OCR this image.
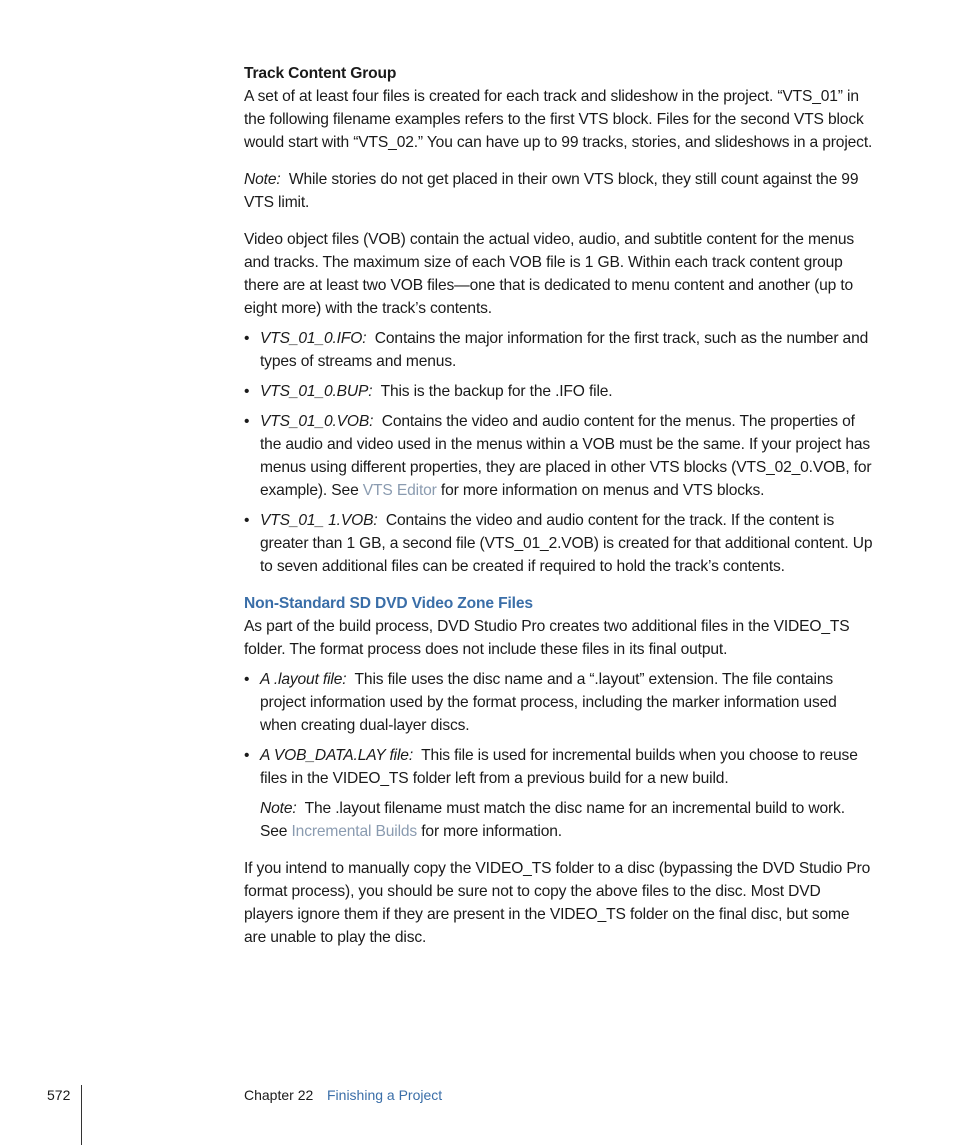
Track Content Group

A set of at least four files is created for each track and slideshow in the project. “VTS_01” in the following filename examples refers to the first VTS block. Files for the second VTS block would start with “VTS_02.” You can have up to 99 tracks, stories, and slideshows in a project.

Note: While stories do not get placed in their own VTS block, they still count against the 99 VTS limit.

Video object files (VOB) contain the actual video, audio, and subtitle content for the menus and tracks. The maximum size of each VOB file is 1 GB. Within each track content group there are at least two VOB files—one that is dedicated to menu content and another (up to eight more) with the track’s contents.

• VTS_01_0.IFO: Contains the major information for the first track, such as the number and types of streams and menus.
• VTS_01_0.BUP: This is the backup for the .IFO file.
• VTS_01_0.VOB: Contains the video and audio content for the menus. The properties of the audio and video used in the menus within a VOB must be the same. If your project has menus using different properties, they are placed in other VTS blocks (VTS_02_0.VOB, for example). See VTS Editor for more information on menus and VTS blocks.
• VTS_01_ 1.VOB: Contains the video and audio content for the track. If the content is greater than 1 GB, a second file (VTS_01_2.VOB) is created for that additional content. Up to seven additional files can be created if required to hold the track’s contents.

Non-Standard SD DVD Video Zone Files

As part of the build process, DVD Studio Pro creates two additional files in the VIDEO_TS folder. The format process does not include these files in its final output.

• A .layout file: This file uses the disc name and a “.layout” extension. The file contains project information used by the format process, including the marker information used when creating dual-layer discs.
• A VOB_DATA.LAY file: This file is used for incremental builds when you choose to reuse files in the VIDEO_TS folder left from a previous build for a new build.

Note: The .layout filename must match the disc name for an incremental build to work. See Incremental Builds for more information.

If you intend to manually copy the VIDEO_TS folder to a disc (bypassing the DVD Studio Pro format process), you should be sure not to copy the above files to the disc. Most DVD players ignore them if they are present in the VIDEO_TS folder on the final disc, but some are unable to play the disc.

572	Chapter 22 Finishing a Project
